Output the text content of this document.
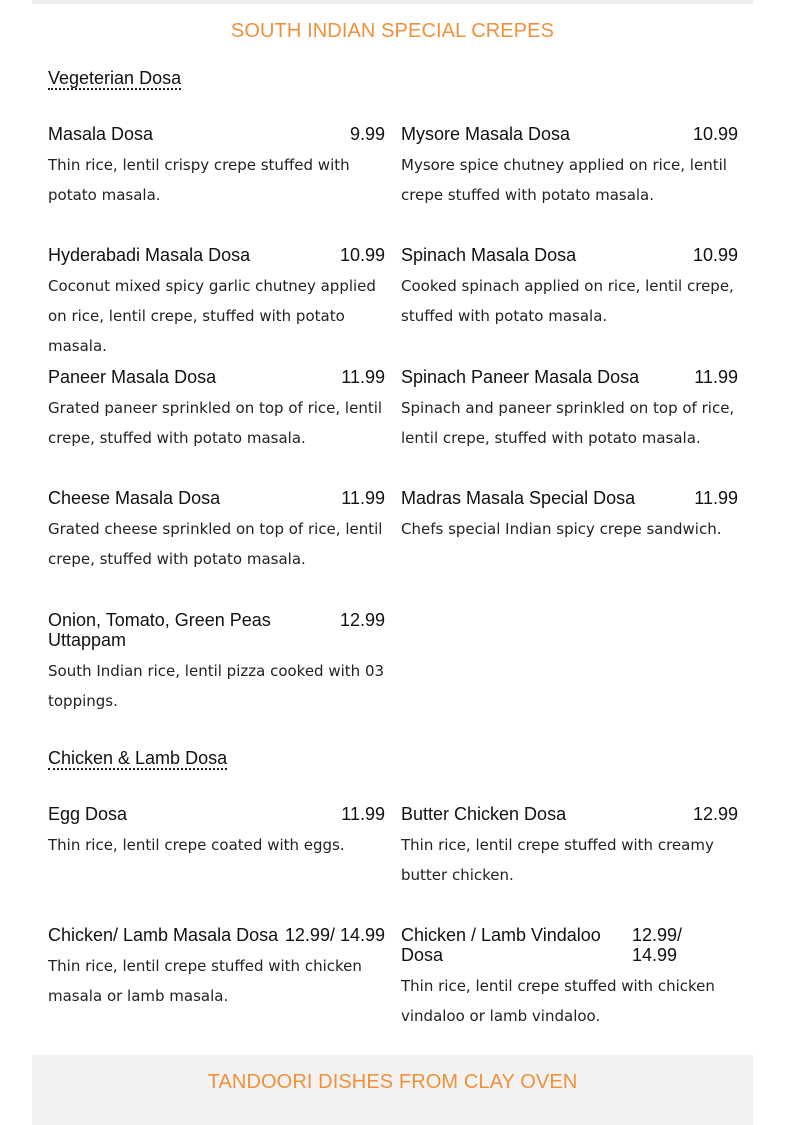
SOUTH INDIAN SPECIAL CREPES
Vegeterian Dosa
Masala Dosa	9.99
Thin rice, lentil crispy crepe stuffed with potato masala.
Mysore Masala Dosa	10.99
Mysore spice chutney applied on rice, lentil crepe stuffed with potato masala.
Hyderabadi Masala Dosa	10.99
Coconut mixed spicy garlic chutney applied on rice, lentil crepe, stuffed with potato masala.
Spinach Masala Dosa	10.99
Cooked spinach applied on rice, lentil crepe, stuffed with potato masala.
Paneer Masala Dosa	11.99
Grated paneer sprinkled on top of rice, lentil crepe, stuffed with potato masala.
Spinach Paneer Masala Dosa	11.99
Spinach and paneer sprinkled on top of rice, lentil crepe, stuffed with potato masala.
Cheese Masala Dosa	11.99
Grated cheese sprinkled on top of rice, lentil crepe, stuffed with potato masala.
Madras Masala Special Dosa	11.99
Chefs special Indian spicy crepe sandwich.
Onion, Tomato, Green Peas Uttappam
12.99
South Indian rice, lentil pizza cooked with 03 toppings.
Chicken & Lamb Dosa
Egg Dosa	11.99
Thin rice, lentil crepe coated with eggs.
Butter Chicken Dosa	12.99
Thin rice, lentil crepe stuffed with creamy butter chicken.
Chicken/ Lamb Masala Dosa 12.99/ 14.99
Thin rice, lentil crepe stuffed with chicken masala or lamb masala.
Chicken / Lamb Vindaloo Dosa
12.99/ 14.99
Thin rice, lentil crepe stuffed with chicken vindaloo or lamb vindaloo.
TANDOORI DISHES FROM CLAY OVEN
